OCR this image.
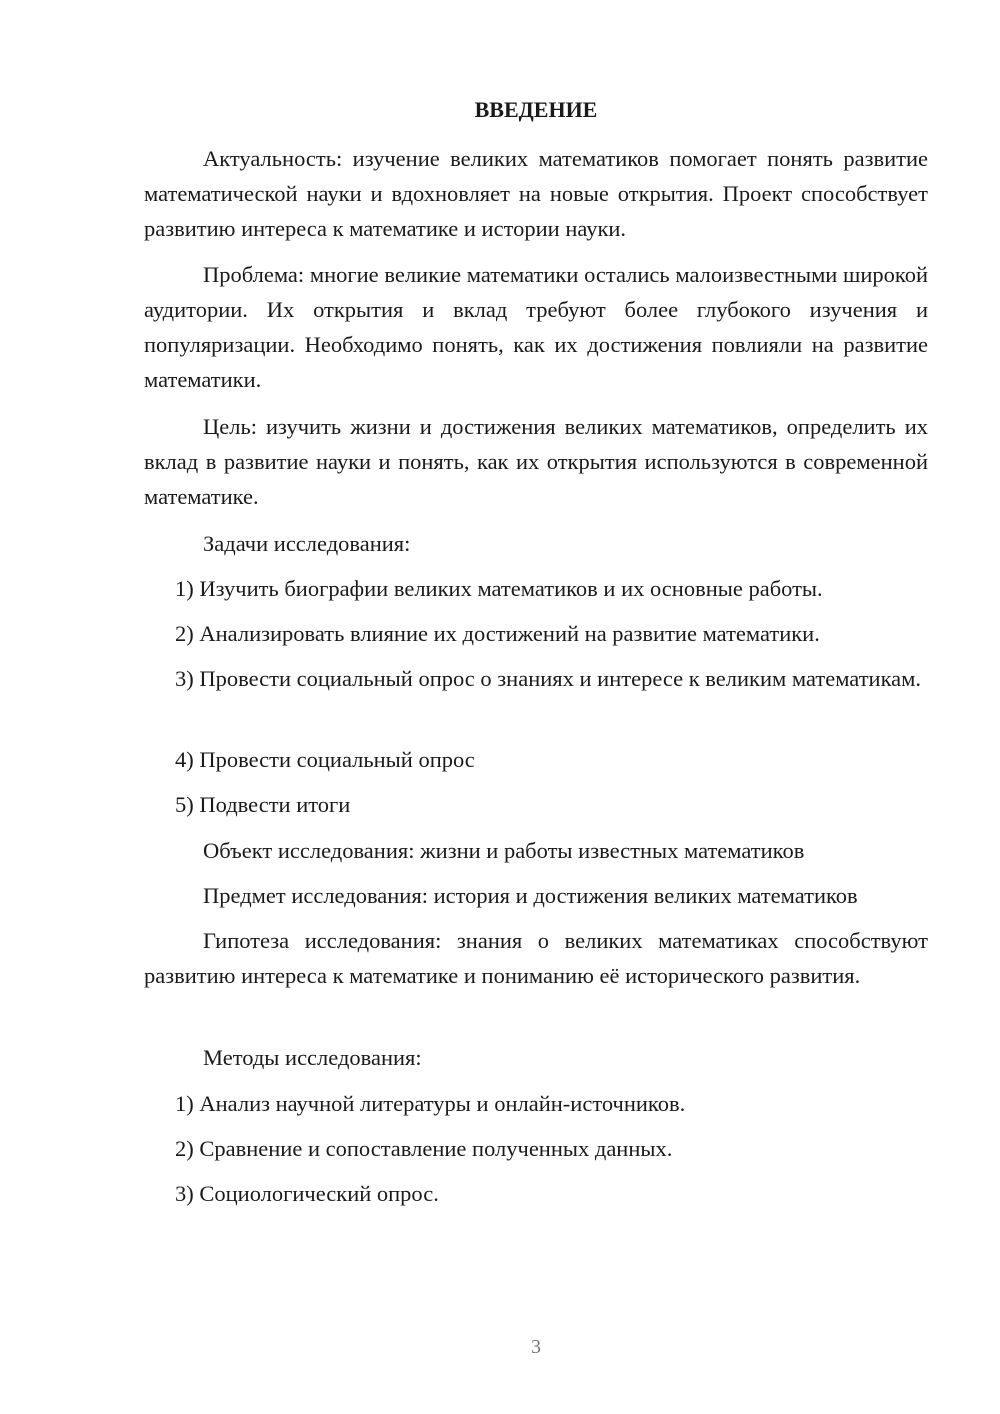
ВВЕДЕНИЕ

Актуальность: изучение великих математиков помогает понять развитие математической науки и вдохновляет на новые открытия. Проект способствует развитию интереса к математике и истории науки.

Проблема: многие великие математики остались малоизвестными широкой аудитории. Их открытия и вклад требуют более глубокого изучения и популяризации. Необходимо понять, как их достижения повлияли на развитие математики.

Цель: изучить жизни и достижения великих математиков, определить их вклад в развитие науки и понять, как их открытия используются в современной математике.

Задачи исследования:

1) Изучить биографии великих математиков и их основные работы.

2) Анализировать влияние их достижений на развитие математики.

3) Провести социальный опрос о знаниях и интересе к великим математикам.

4) Провести социальный опрос

5) Подвести итоги

Объект исследования: жизни и работы известных математиков

Предмет исследования: история и достижения великих математиков

Гипотеза исследования: знания о великих математиках способствуют развитию интереса к математике и пониманию её исторического развития.

Методы исследования:

1) Анализ научной литературы и онлайн-источников.

2) Сравнение и сопоставление полученных данных.

3) Социологический опрос.

3
